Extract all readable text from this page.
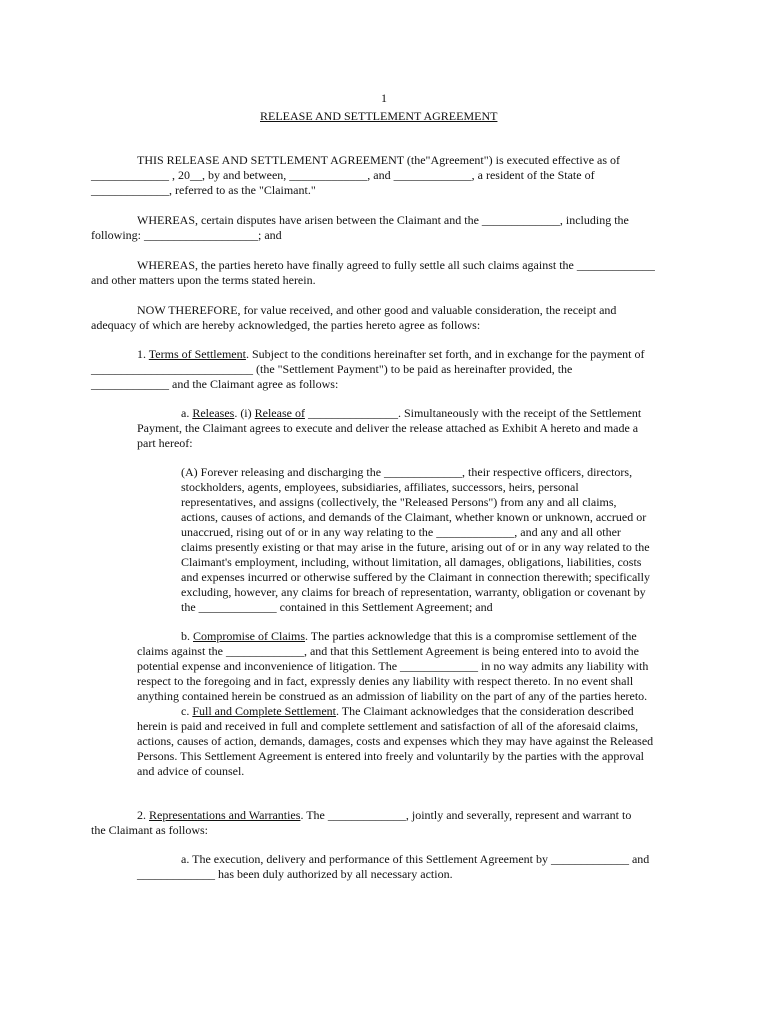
1
RELEASE AND SETTLEMENT AGREEMENT
THIS RELEASE AND SETTLEMENT AGREEMENT (the"Agreement") is executed effective as of
_____________ , 20__, by and between, _____________, and _____________, a resident of the State of
_____________, referred to as the "Claimant."
WHEREAS, certain disputes have arisen between the Claimant and the _____________, including the
following: ___________________; and
WHEREAS, the parties hereto have finally agreed to fully settle all such claims against the _____________
and other matters upon the terms stated herein.
NOW THEREFORE, for value received, and other good and valuable consideration, the receipt and
adequacy of which are hereby acknowledged, the parties hereto agree as follows:
1. Terms of Settlement. Subject to the conditions hereinafter set forth, and in exchange for the payment of
___________________________ (the "Settlement Payment") to be paid as hereinafter provided, the
_____________ and the Claimant agree as follows:
a. Releases. (i) Release of _______________. Simultaneously with the receipt of the Settlement
Payment, the Claimant agrees to execute and deliver the release attached as Exhibit A hereto and made a
part hereof:
(A) Forever releasing and discharging the _____________, their respective officers, directors,
stockholders, agents, employees, subsidiaries, affiliates, successors, heirs, personal
representatives, and assigns (collectively, the "Released Persons") from any and all claims,
actions, causes of actions, and demands of the Claimant, whether known or unknown, accrued or
unaccrued, rising out of or in any way relating to the _____________, and any and all other
claims presently existing or that may arise in the future, arising out of or in any way related to the
Claimant's employment, including, without limitation, all damages, obligations, liabilities, costs
and expenses incurred or otherwise suffered by the Claimant in connection therewith; specifically
excluding, however, any claims for breach of representation, warranty, obligation or covenant by
the _____________ contained in this Settlement Agreement; and
b. Compromise of Claims. The parties acknowledge that this is a compromise settlement of the
claims against the _____________, and that this Settlement Agreement is being entered into to avoid the
potential expense and inconvenience of litigation. The _____________ in no way admits any liability with
respect to the foregoing and in fact, expressly denies any liability with respect thereto. In no event shall
anything contained herein be construed as an admission of liability on the part of any of the parties hereto.
c. Full and Complete Settlement. The Claimant acknowledges that the consideration described
herein is paid and received in full and complete settlement and satisfaction of all of the aforesaid claims,
actions, causes of action, demands, damages, costs and expenses which they may have against the Released
Persons. This Settlement Agreement is entered into freely and voluntarily by the parties with the approval
and advice of counsel.
2. Representations and Warranties. The _____________, jointly and severally, represent and warrant to
the Claimant as follows:
a. The execution, delivery and performance of this Settlement Agreement by _____________ and
_____________ has been duly authorized by all necessary action.
